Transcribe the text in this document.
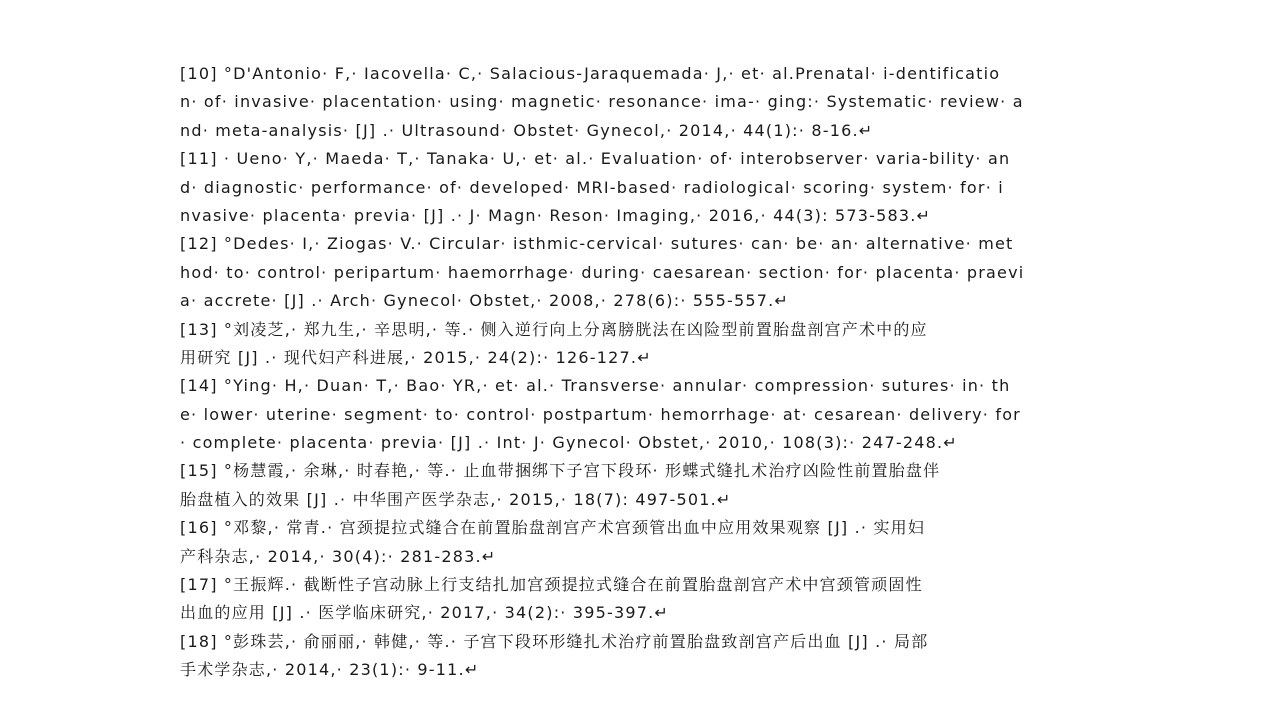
[10] °D'Antonio· F,· Iacovella· C,· Salacious-Jaraquemada· J,· et· al.Prenatal· i-dentificatio
n· of· invasive· placentation· using· magnetic· resonance· ima-· ging:· Systematic· review· a
nd· meta-analysis· [J] .· Ultrasound· Obstet· Gynecol,· 2014,· 44(1):· 8-16.↵
[11] · Ueno· Y,· Maeda· T,· Tanaka· U,· et· al.· Evaluation· of· interobserver· varia-bility· an
d· diagnostic· performance· of· developed· MRI-based· radiological· scoring· system· for· i
nvasive· placenta· previa· [J] .· J· Magn· Reson· Imaging,· 2016,· 44(3): 573-583.↵
[12] °Dedes· I,· Ziogas· V.· Circular· isthmic-cervical· sutures· can· be· an· alternative· met
hod· to· control· peripartum· haemorrhage· during· caesarean· section· for· placenta· praevi
a· accrete· [J] .· Arch· Gynecol· Obstet,· 2008,· 278(6):· 555-557.↵
[13] °刘凌芝,· 郑九生,· 辛思明,· 等.· 侧入逆行向上分离膀胱法在凶险型前置胎盘剖宫产术中的应
用研究 [J] .· 现代妇产科进展,· 2015,· 24(2):· 126-127.↵
[14] °Ying· H,· Duan· T,· Bao· YR,· et· al.· Transverse· annular· compression· sutures· in· th
e· lower· uterine· segment· to· control· postpartum· hemorrhage· at· cesarean· delivery· for
· complete· placenta· previa· [J] .· Int· J· Gynecol· Obstet,· 2010,· 108(3):· 247-248.↵
[15] °杨慧霞,· 余琳,· 时春艳,· 等.· 止血带捆绑下子宫下段环· 形蝶式缝扎术治疗凶险性前置胎盘伴
胎盘植入的效果 [J] .· 中华围产医学杂志,· 2015,· 18(7): 497-501.↵
[16] °邓黎,· 常青.· 宫颈提拉式缝合在前置胎盘剖宫产术宫颈管出血中应用效果观察 [J] .· 实用妇
产科杂志,· 2014,· 30(4):· 281-283.↵
[17] °王振辉.· 截断性子宫动脉上行支结扎加宫颈提拉式缝合在前置胎盘剖宫产术中宫颈管顽固性
出血的应用 [J] .· 医学临床研究,· 2017,· 34(2):· 395-397.↵
[18] °彭珠芸,· 俞丽丽,· 韩健,· 等.· 子宫下段环形缝扎术治疗前置胎盘致剖宫产后出血 [J] .· 局部
手术学杂志,· 2014,· 23(1):· 9-11.↵
